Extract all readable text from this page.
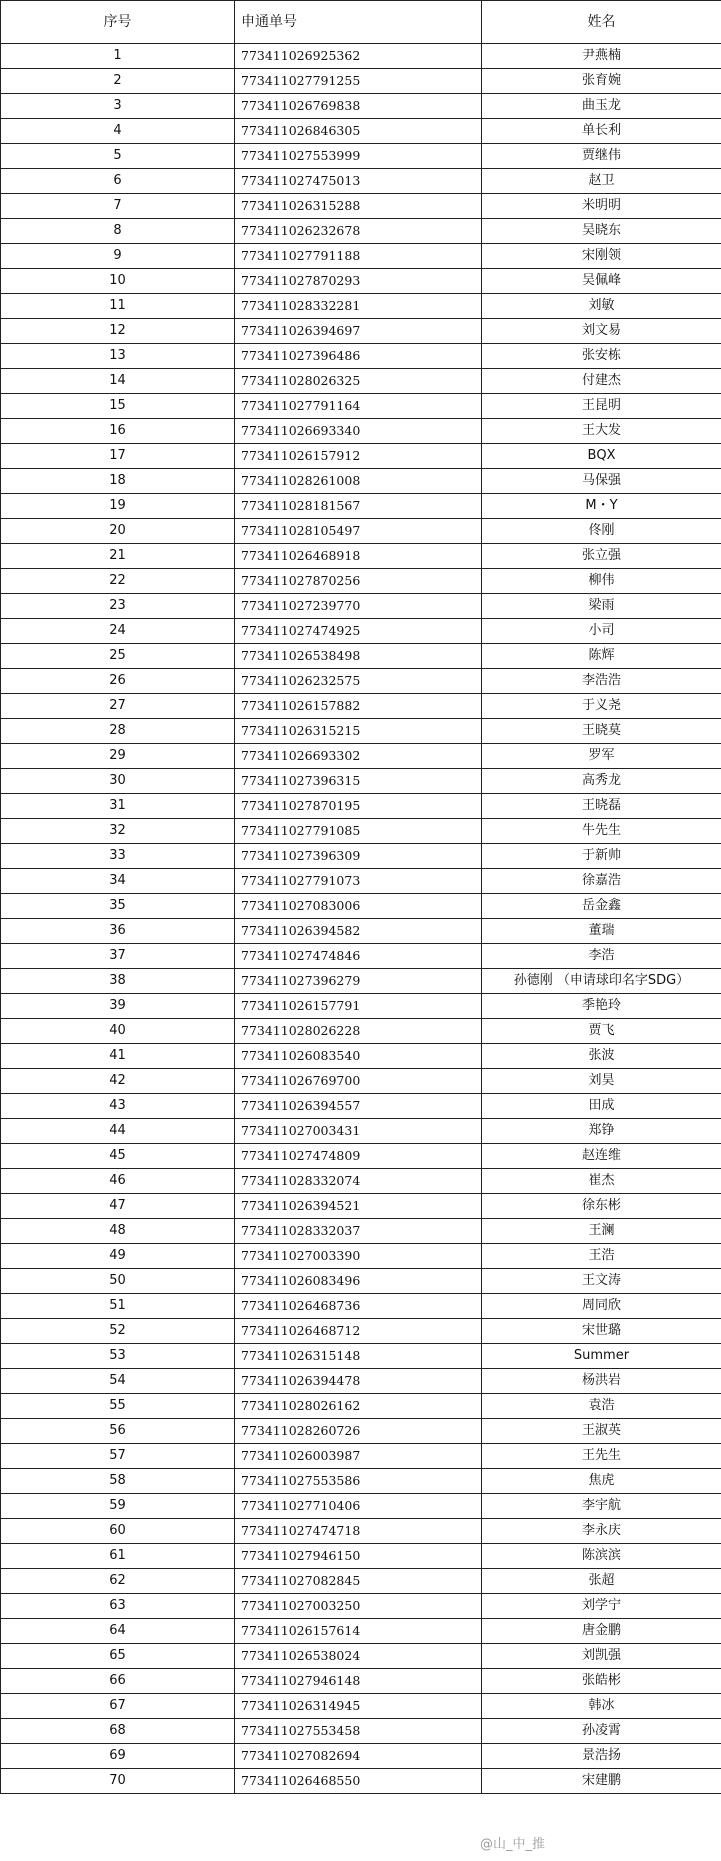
序号	申通单号	姓名
1	773411026925362	尹燕楠
2	773411027791255	张育婉
3	773411026769838	曲玉龙
4	773411026846305	单长利
5	773411027553999	贾继伟
6	773411027475013	赵卫
7	773411026315288	米明明
8	773411026232678	吴晓东
9	773411027791188	宋刚领
10	773411027870293	吴佩峰
11	773411028332281	刘敏
12	773411026394697	刘文易
13	773411027396486	张安栋
14	773411028026325	付建杰
15	773411027791164	王昆明
16	773411026693340	王大发
17	773411026157912	BQX
18	773411028261008	马保强
19	773411028181567	M・Y
20	773411028105497	佟刚
21	773411026468918	张立强
22	773411027870256	柳伟
23	773411027239770	梁雨
24	773411027474925	小司
25	773411026538498	陈辉
26	773411026232575	李浩浩
27	773411026157882	于义尧
28	773411026315215	王晓莫
29	773411026693302	罗军
30	773411027396315	高秀龙
31	773411027870195	王晓磊
32	773411027791085	牛先生
33	773411027396309	于新帅
34	773411027791073	徐嘉浩
35	773411027083006	岳金鑫
36	773411026394582	董瑞
37	773411027474846	李浩
38	773411027396279	孙德刚 （申请球印名字SDG）
39	773411026157791	季艳玲
40	773411028026228	贾飞
41	773411026083540	张波
42	773411026769700	刘昊
43	773411026394557	田成
44	773411027003431	郑铮
45	773411027474809	赵连维
46	773411028332074	崔杰
47	773411026394521	徐东彬
48	773411028332037	王澜
49	773411027003390	王浩
50	773411026083496	王文涛
51	773411026468736	周同欣
52	773411026468712	宋世璐
53	773411026315148	Summer
54	773411026394478	杨洪岩
55	773411028026162	袁浩
56	773411028260726	王淑英
57	773411026003987	王先生
58	773411027553586	焦虎
59	773411027710406	李宇航
60	773411027474718	李永庆
61	773411027946150	陈滨滨
62	773411027082845	张超
63	773411027003250	刘学宁
64	773411026157614	唐金鹏
65	773411026538024	刘凯强
66	773411027946148	张皓彬
67	773411026314945	韩冰
68	773411027553458	孙凌霄
69	773411027082694	景浩扬
70	773411026468550	宋建鹏
@山_中_推
